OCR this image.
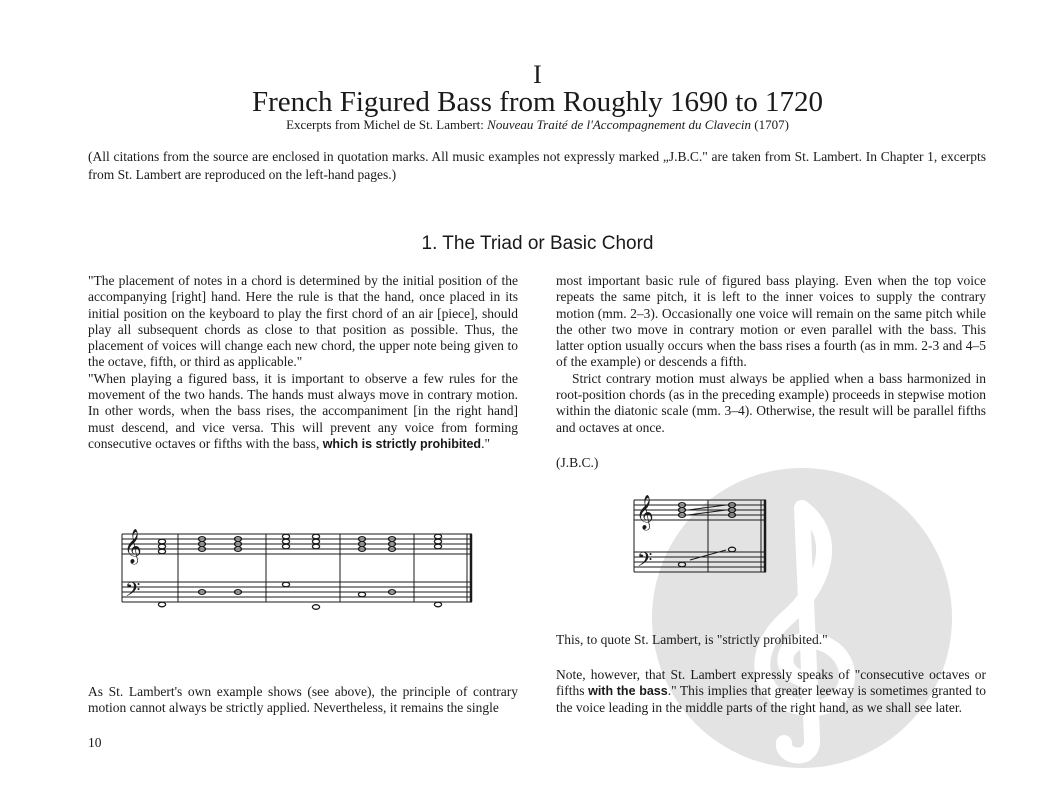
I
French Figured Bass from Roughly 1690 to 1720
Excerpts from Michel de St. Lambert: Nouveau Traité de l'Accompagnement du Clavecin (1707)
(All citations from the source are enclosed in quotation marks. All music examples not expressly marked „J.B.C." are taken from St. Lambert. In Chapter 1, excerpts from St. Lambert are reproduced on the left-hand pages.)
1. The Triad or Basic Chord

"The placement of notes in a chord is determined by the initial position of the accompanying [right] hand. Here the rule is that the hand, once placed in its initial position on the keyboard to play the first chord of an air [piece], should play all subsequent chords as close to that position as possible. Thus, the placement of voices will change each new chord, the upper note being given to the octave, fifth, or third as applicable."

"When playing a figured bass, it is important to observe a few rules for the movement of the two hands. The hands must always move in contrary motion. In other words, when the bass rises, the accompaniment [in the right hand] must descend, and vice versa. This will prevent any voice from forming consecutive octaves or fifths with the bass, which is strictly prohibited."

𝄞
𝄢

As St. Lambert's own example shows (see above), the principle of contrary motion cannot always be strictly applied. Nevertheless, it remains the single

most important basic rule of figured bass playing. Even when the top voice repeats the same pitch, it is left to the inner voices to supply the contrary motion (mm. 2–3). Occasionally one voice will remain on the same pitch while the other two move in contrary motion or even parallel with the bass. This latter option usually occurs when the bass rises a fourth (as in mm. 2-3 and 4–5 of the example) or descends a fifth.

Strict contrary motion must always be applied when a bass harmonized in root-position chords (as in the preceding example) proceeds in stepwise motion within the diatonic scale (mm. 3–4). Otherwise, the result will be parallel fifths and octaves at once.

(J.B.C.)
𝄞
𝄢
This, to quote St. Lambert, is "strictly prohibited."

Note, however, that St. Lambert expressly speaks of "consecutive octaves or fifths with the bass." This implies that greater leeway is sometimes granted to the voice leading in the middle parts of the right hand, as we shall see later.

10
